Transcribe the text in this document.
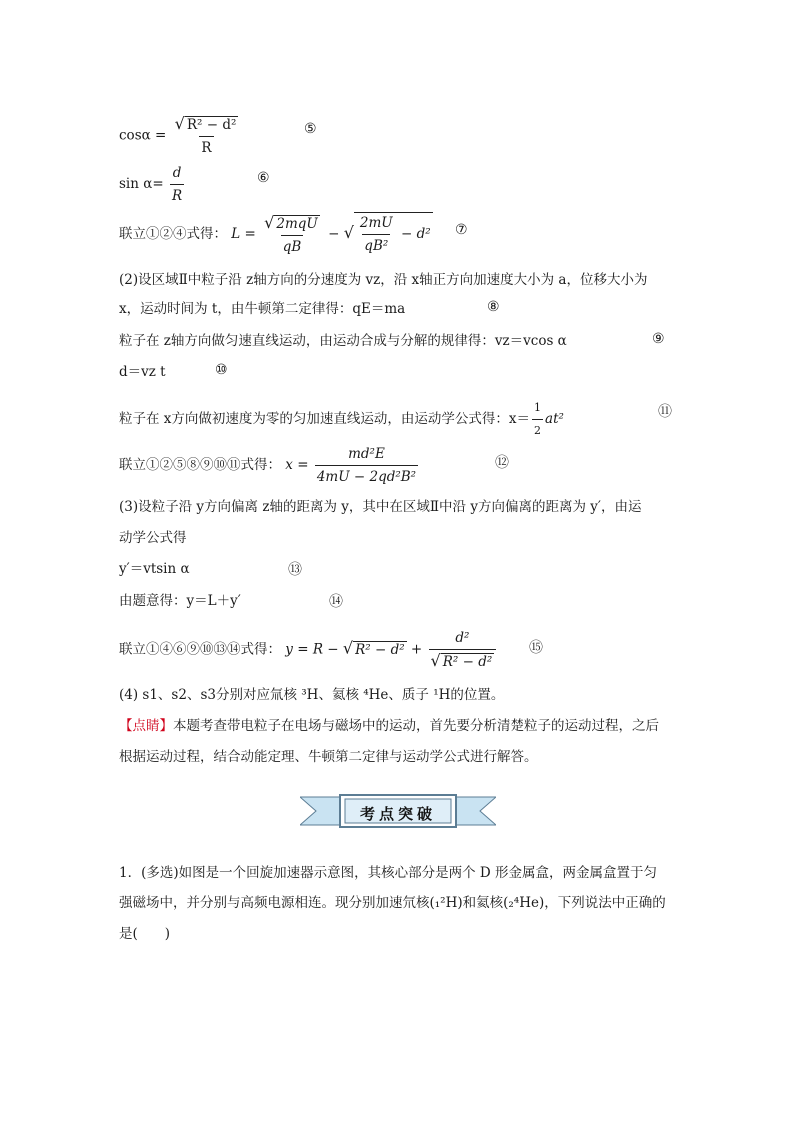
$\cos\alpha = \frac{\text{√ R² − d²}}{R}$	⑤
$\sin \alpha= \frac{d}{R}$	⑥
联立①②④式得： $L = \frac{\text{√ 2mqU}}{qB}$ − √ $\frac{2mU}{\text{qB²}} - d^2$ ⑦
(2)设区域Ⅱ中粒子沿 z轴方向的分速度为 vz，沿 x轴正方向加速度大小为 a，位移大小为
x，运动时间为 t，由牛顿第二定律得：qE＝ma	⑧
粒子在 z轴方向做匀速直线运动，由运动合成与分解的规律得：vz＝vcos α	⑨
d＝vz t	⑩
粒子在 x方向做初速度为零的匀加速直线运动，由运动学公式得：$x= \frac{1}{2} at^2$	⑪
联立①②⑤⑧⑨⑩⑪式得： $x = \frac{\text{md²E}}{\text{4mU − 2qd²B²}}$	⑫
(3)设粒子沿 y方向偏离 z轴的距离为 y，其中在区域Ⅱ中沿 y方向偏离的距离为 y′，由运
动学公式得
y′＝vtsin α	⑬
由题意得：y＝L＋y′	⑭
联立①④⑥⑨⑩⑬⑭式得： y = R − √ $R^2 - d^2 + \frac{\text{d²}}{\text{√ R² − d²}}$ ⑮
(4) s1、s2、s3分别对应氚核 ³H、氦核 ⁴He、质子 ¹H的位置。
【点睛】本题考查带电粒子在电场与磁场中的运动，首先要分析清楚粒子的运动过程，之后
根据运动过程，结合动能定理、牛顿第二定律与运动学公式进行解答。
考点突破
1．(多选)如图是一个回旋加速器示意图，其核心部分是两个 D 形金属盒，两金属盒置于匀
强磁场中，并分别与高频电源相连。现分别加速氘核(₁²H)和氦核(₂⁴He)，下列说法中正确的
是(　　)
